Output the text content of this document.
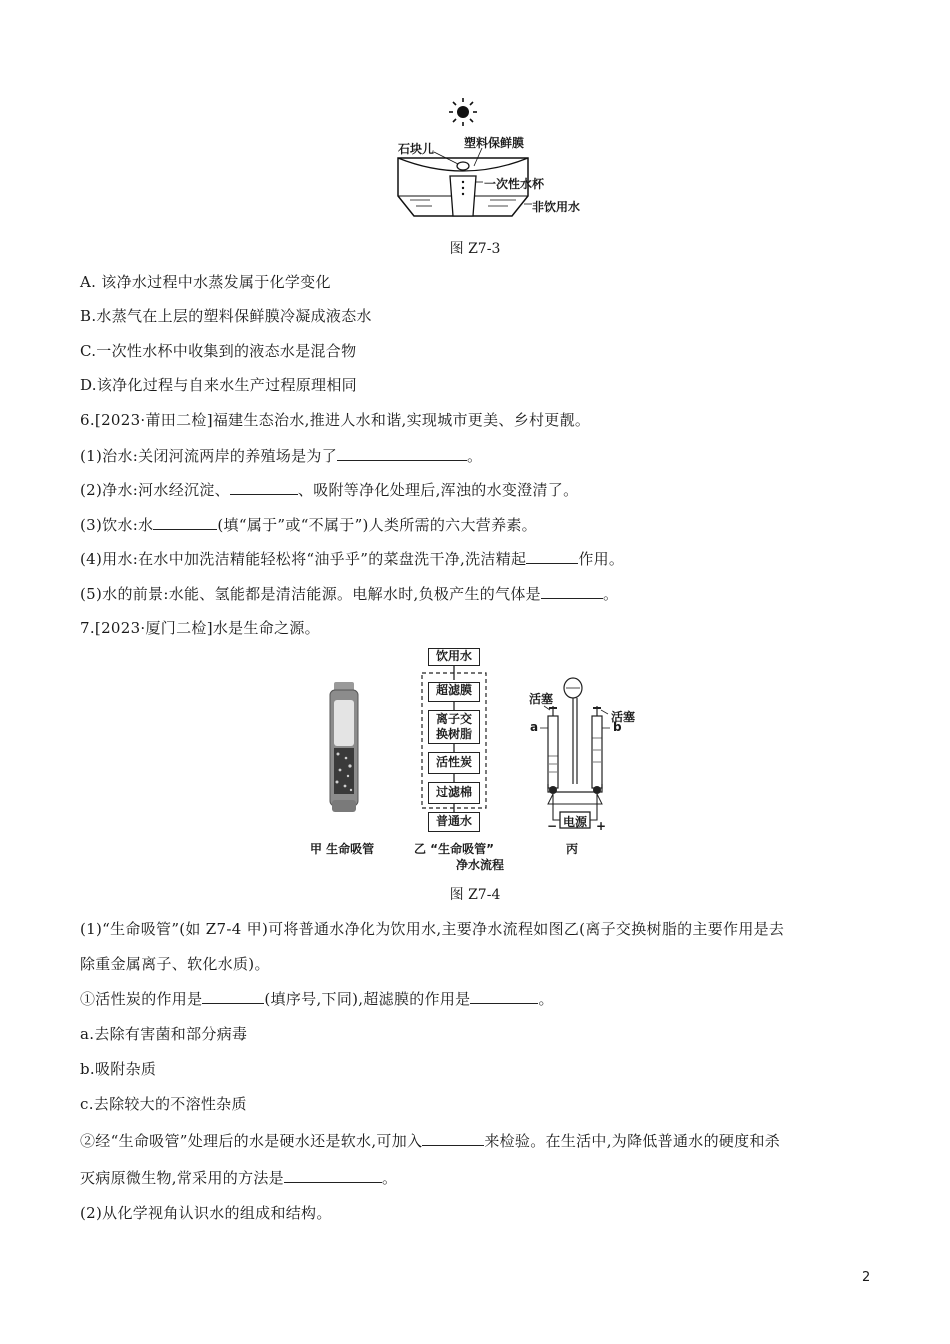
石块儿 塑料保鲜膜
一次性水杯
非饮用水
图 Z7-3
A. 该净水过程中水蒸发属于化学变化
B.水蒸气在上层的塑料保鲜膜冷凝成液态水
C.一次性水杯中收集到的液态水是混合物
D.该净化过程与自来水生产过程原理相同
6.[2023·莆田二检]福建生态治水,推进人水和谐,实现城市更美、乡村更靓。
(1)治水:关闭河流两岸的养殖场是为了	。
(2)净水:河水经沉淀、	、吸附等净化处理后,浑浊的水变澄清了。
(3)饮水:水	(填“属于”或“不属于”)人类所需的六大营养素。
(4)用水:在水中加洗洁精能轻松将“油乎乎”的菜盘洗干净,洗洁精起	作用。
(5)水的前景:水能、氢能都是清洁能源。电解水时,负极产生的气体是	。
7.[2023·厦门二检]水是生命之源。
甲 生命吸管
饮用水
超滤膜
离子交
换树脂
活性炭
过滤棉
普通水
乙 “生命吸管”
净水流程
活塞
活塞
a	b
电源
−	+
丙
图 Z7-4
(1)“生命吸管”(如 Z7-4 甲)可将普通水净化为饮用水,主要净水流程如图乙(离子交换树脂的主要作用是去
除重金属离子、软化水质)。
①活性炭的作用是	(填序号,下同),超滤膜的作用是	。
a.去除有害菌和部分病毒
b.吸附杂质
c.去除较大的不溶性杂质
②经“生命吸管”处理后的水是硬水还是软水,可加入	来检验。在生活中,为降低普通水的硬度和杀
灭病原微生物,常采用的方法是	。
(2)从化学视角认识水的组成和结构。
2
